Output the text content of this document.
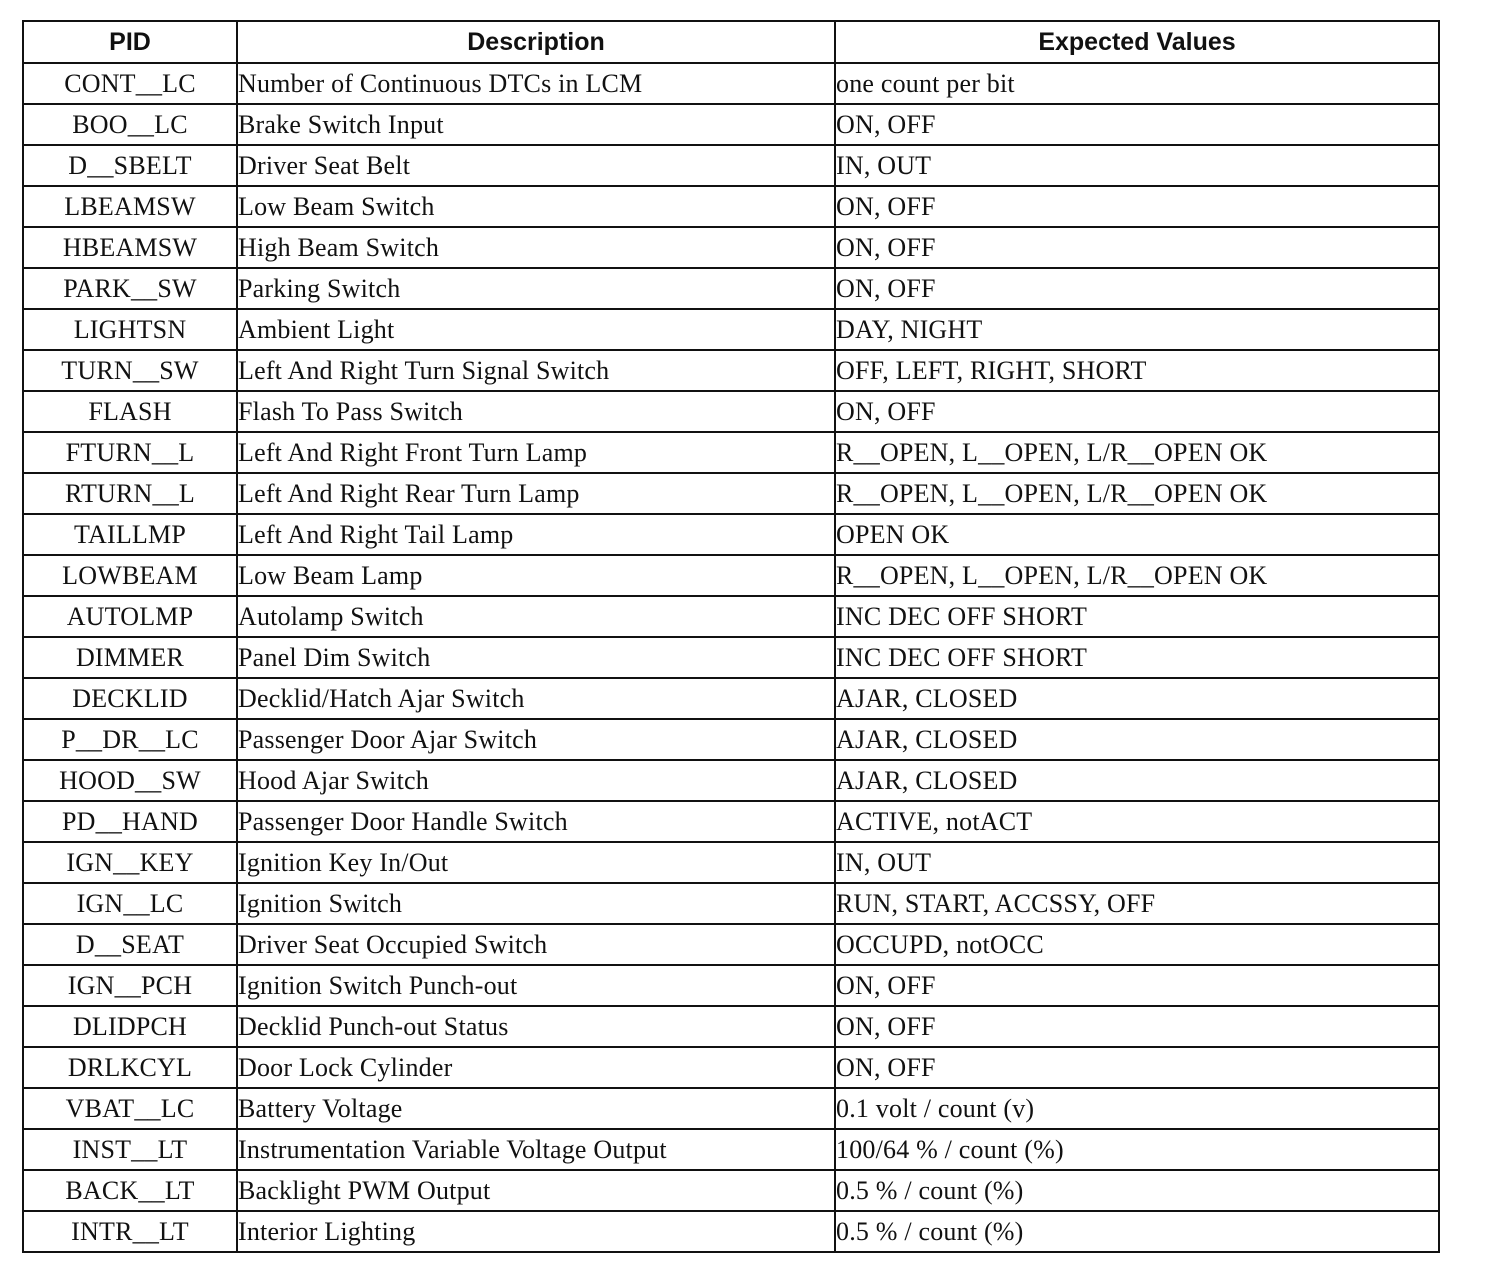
PID	Description	Expected Values
CONT__LC	Number of Continuous DTCs in LCM	one count per bit
BOO__LC	Brake Switch Input	ON, OFF
D__SBELT	Driver Seat Belt	IN, OUT
LBEAMSW	Low Beam Switch	ON, OFF
HBEAMSW	High Beam Switch	ON, OFF
PARK__SW	Parking Switch	ON, OFF
LIGHTSN	Ambient Light	DAY, NIGHT
TURN__SW	Left And Right Turn Signal Switch	OFF, LEFT, RIGHT, SHORT
FLASH	Flash To Pass Switch	ON, OFF
FTURN__L	Left And Right Front Turn Lamp	R__OPEN, L__OPEN, L/R__OPEN OK
RTURN__L	Left And Right Rear Turn Lamp	R__OPEN, L__OPEN, L/R__OPEN OK
TAILLMP	Left And Right Tail Lamp	OPEN OK
LOWBEAM	Low Beam Lamp	R__OPEN, L__OPEN, L/R__OPEN OK
AUTOLMP	Autolamp Switch	INC DEC OFF SHORT
DIMMER	Panel Dim Switch	INC DEC OFF SHORT
DECKLID	Decklid/Hatch Ajar Switch	AJAR, CLOSED
P__DR__LC	Passenger Door Ajar Switch	AJAR, CLOSED
HOOD__SW	Hood Ajar Switch	AJAR, CLOSED
PD__HAND	Passenger Door Handle Switch	ACTIVE, notACT
IGN__KEY	Ignition Key In/Out	IN, OUT
IGN__LC	Ignition Switch	RUN, START, ACCSSY, OFF
D__SEAT	Driver Seat Occupied Switch	OCCUPD, notOCC
IGN__PCH	Ignition Switch Punch-out	ON, OFF
DLIDPCH	Decklid Punch-out Status	ON, OFF
DRLKCYL	Door Lock Cylinder	ON, OFF
VBAT__LC	Battery Voltage	0.1 volt / count (v)
INST__LT	Instrumentation Variable Voltage Output	100/64 % / count (%)
BACK__LT	Backlight PWM Output	0.5 % / count (%)
INTR__LT	Interior Lighting	0.5 % / count (%)
